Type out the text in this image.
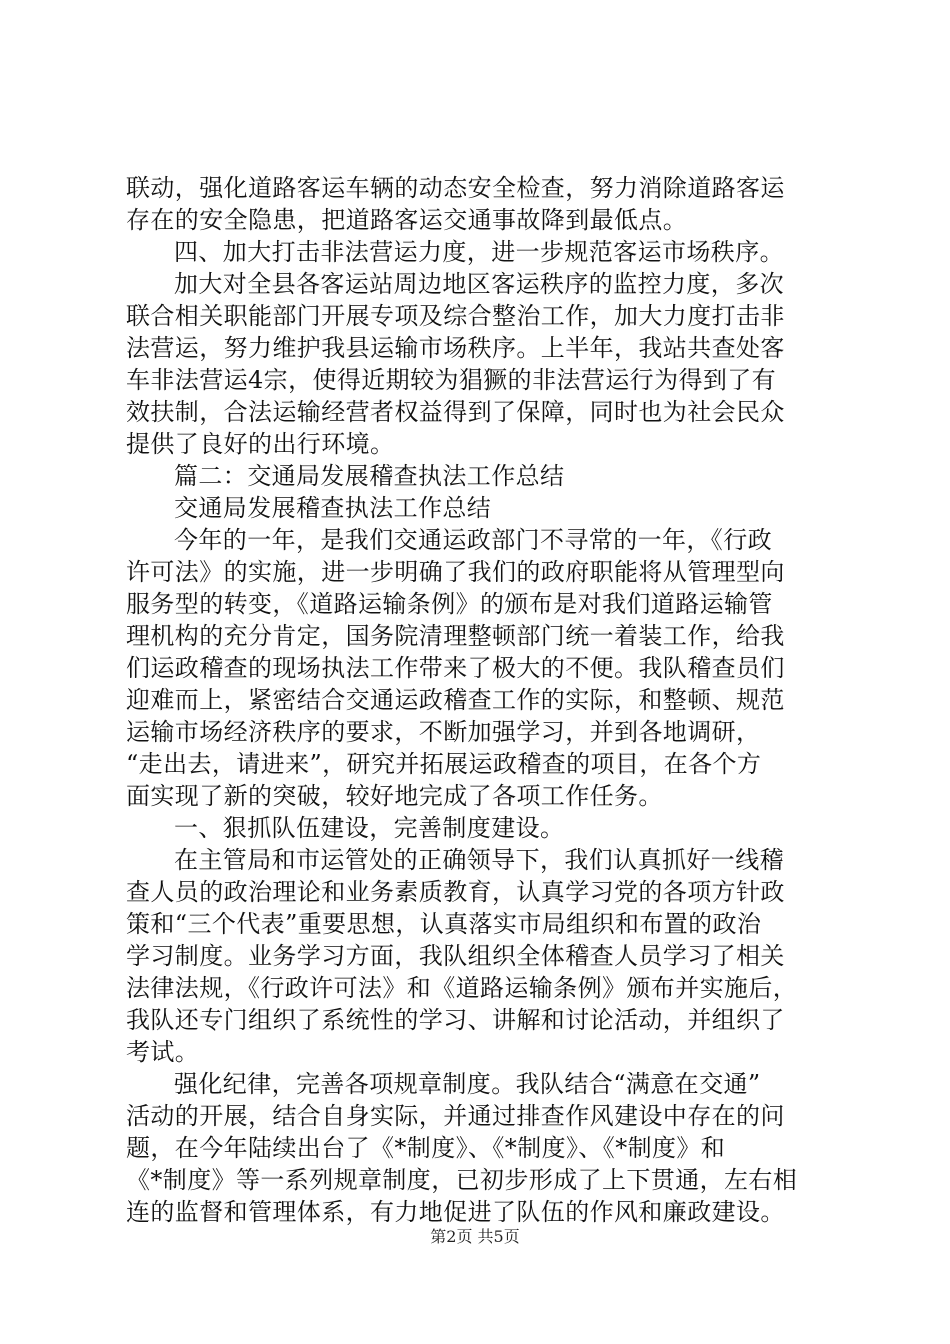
联动，强化道路客运车辆的动态安全检查，努力消除道路客运
存在的安全隐患，把道路客运交通事故降到最低点。
四、加大打击非法营运力度，进一步规范客运市场秩序。
加大对全县各客运站周边地区客运秩序的监控力度，多次
联合相关职能部门开展专项及综合整治工作，加大力度打击非
法营运，努力维护我县运输市场秩序。上半年，我站共查处客
车非法营运4宗，使得近期较为猖獗的非法营运行为得到了有
效扶制，合法运输经营者权益得到了保障，同时也为社会民众
提供了良好的出行环境。
篇二：交通局发展稽查执法工作总结
交通局发展稽查执法工作总结
今年的一年，是我们交通运政部门不寻常的一年，《行政
许可法》的实施，进一步明确了我们的政府职能将从管理型向
服务型的转变，《道路运输条例》的颁布是对我们道路运输管
理机构的充分肯定，国务院清理整顿部门统一着装工作，给我
们运政稽查的现场执法工作带来了极大的不便。我队稽查员们
迎难而上，紧密结合交通运政稽查工作的实际，和整顿、规范
运输市场经济秩序的要求，不断加强学习，并到各地调研，
“走出去，请进来”，研究并拓展运政稽查的项目，在各个方
面实现了新的突破，较好地完成了各项工作任务。
一、狠抓队伍建设，完善制度建设。
在主管局和市运管处的正确领导下，我们认真抓好一线稽
查人员的政治理论和业务素质教育，认真学习党的各项方针政
策和“三个代表”重要思想，认真落实市局组织和布置的政治
学习制度。业务学习方面，我队组织全体稽查人员学习了相关
法律法规，《行政许可法》和《道路运输条例》颁布并实施后，
我队还专门组织了系统性的学习、讲解和讨论活动，并组织了
考试。
强化纪律，完善各项规章制度。我队结合“满意在交通”
活动的开展，结合自身实际，并通过排查作风建设中存在的问
题，在今年陆续出台了《*制度》、《*制度》、《*制度》和
《*制度》等一系列规章制度，已初步形成了上下贯通，左右相
连的监督和管理体系，有力地促进了队伍的作风和廉政建设。
第2页 共5页
